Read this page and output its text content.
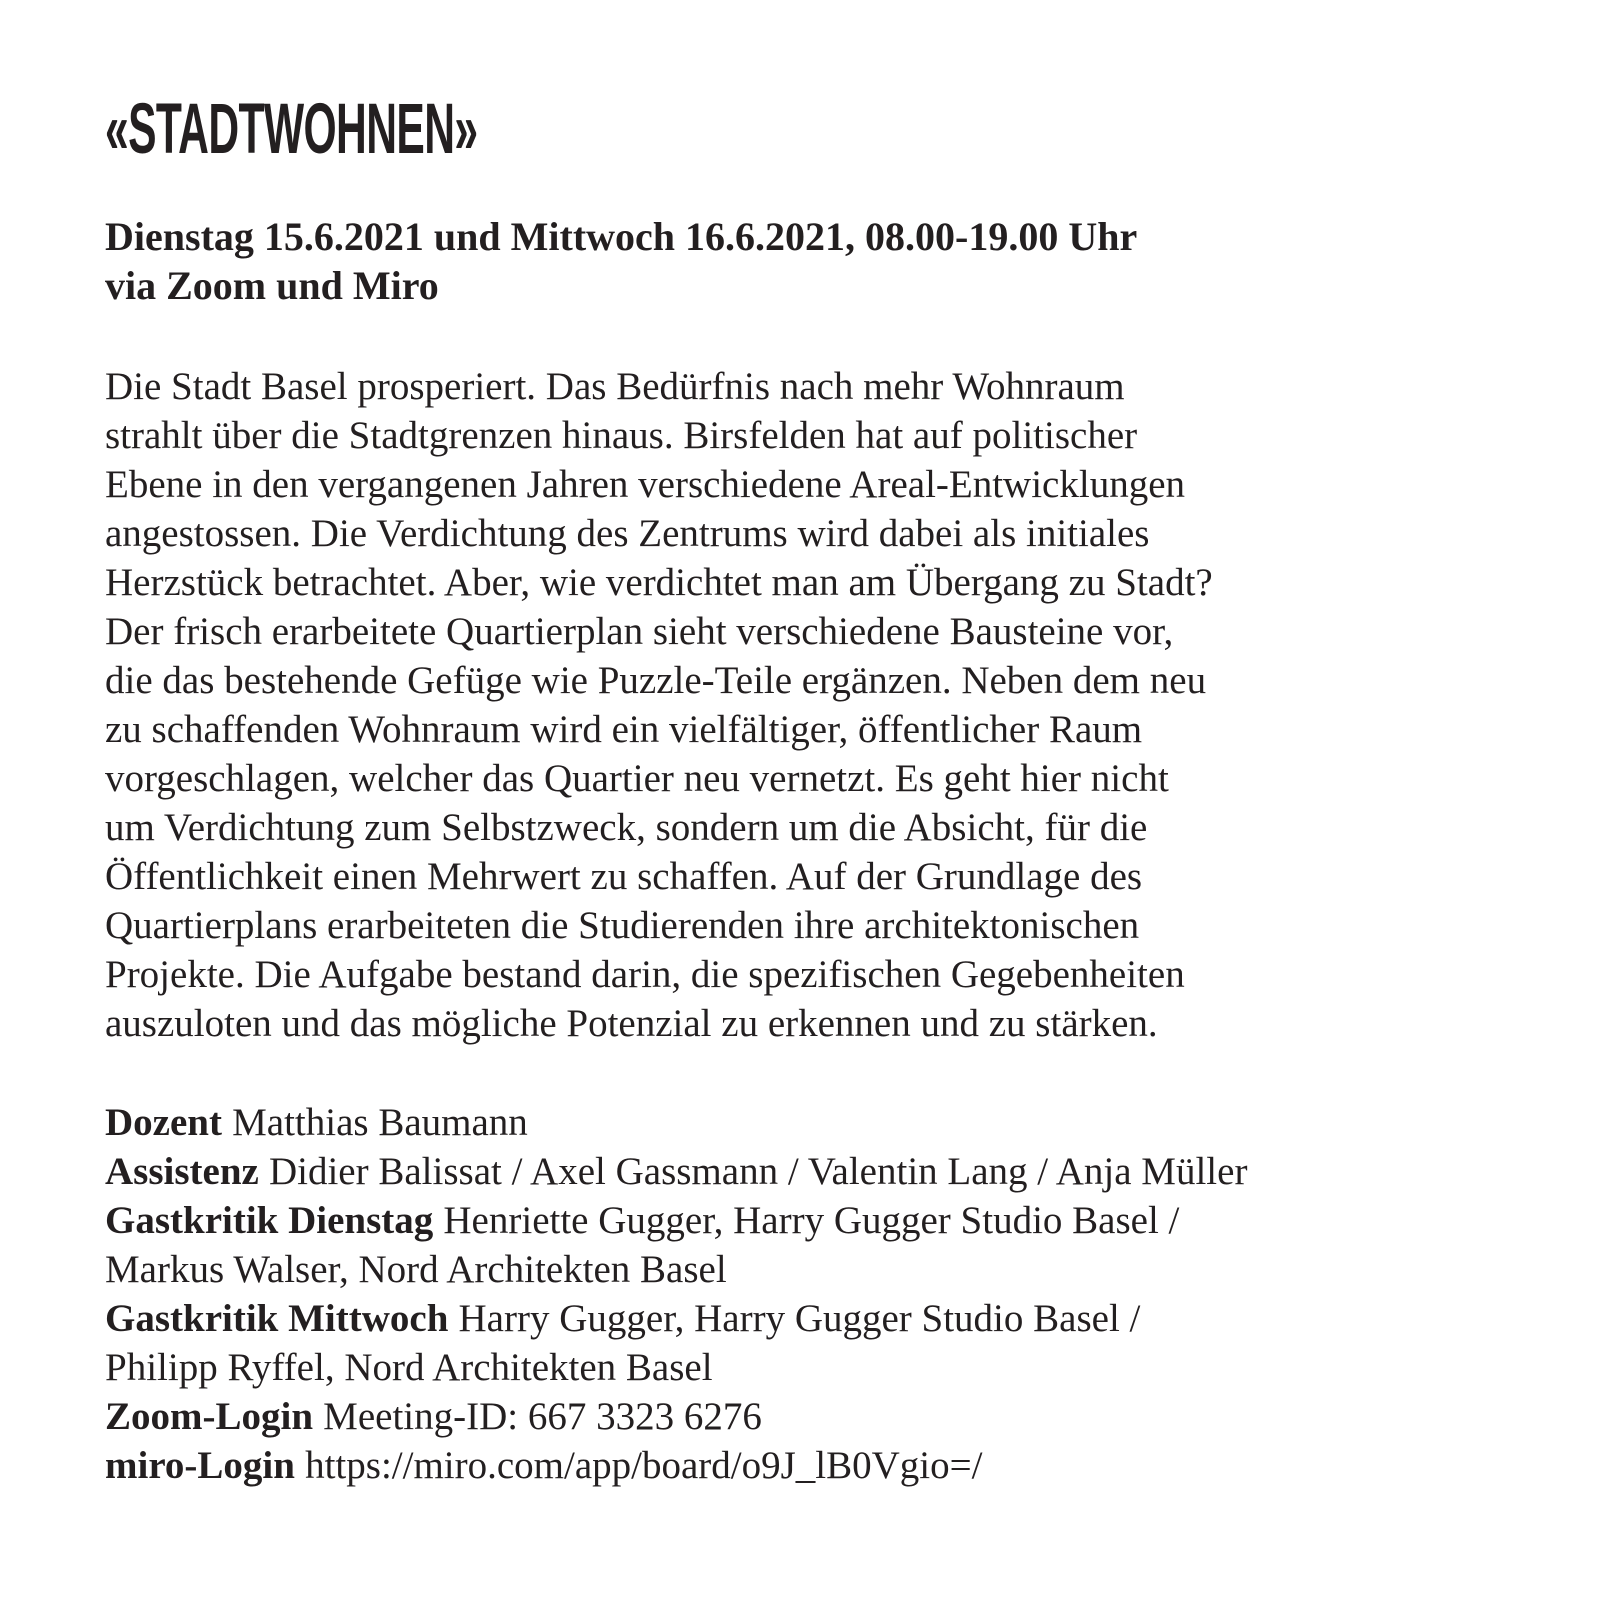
«STADTWOHNEN»
Dienstag 15.6.2021 und Mittwoch 16.6.2021, 08.00-19.00 Uhr
via Zoom und Miro
Die Stadt Basel prosperiert. Das Bedürfnis nach mehr Wohnraum
strahlt über die Stadtgrenzen hinaus. Birsfelden hat auf politischer
Ebene in den vergangenen Jahren verschiedene Areal-Entwicklungen
angestossen. Die Verdichtung des Zentrums wird dabei als initiales
Herzstück betrachtet. Aber, wie verdichtet man am Übergang zu Stadt?
Der frisch erarbeitete Quartierplan sieht verschiedene Bausteine vor,
die das bestehende Gefüge wie Puzzle-Teile ergänzen. Neben dem neu
zu schaffenden Wohnraum wird ein vielfältiger, öffentlicher Raum
vorgeschlagen, welcher das Quartier neu vernetzt. Es geht hier nicht
um Verdichtung zum Selbstzweck, sondern um die Absicht, für die
Öffentlichkeit einen Mehrwert zu schaffen. Auf der Grundlage des
Quartierplans erarbeiteten die Studierenden ihre architektonischen
Projekte. Die Aufgabe bestand darin, die spezifischen Gegebenheiten
auszuloten und das mögliche Potenzial zu erkennen und zu stärken.
Dozent Matthias Baumann
Assistenz Didier Balissat / Axel Gassmann / Valentin Lang / Anja Müller
Gastkritik Dienstag Henriette Gugger, Harry Gugger Studio Basel /
Markus Walser, Nord Architekten Basel
Gastkritik Mittwoch Harry Gugger, Harry Gugger Studio Basel /
Philipp Ryffel, Nord Architekten Basel
Zoom-Login Meeting-ID: 667 3323 6276
miro-Login https://miro.com/app/board/o9J_lB0Vgio=/
